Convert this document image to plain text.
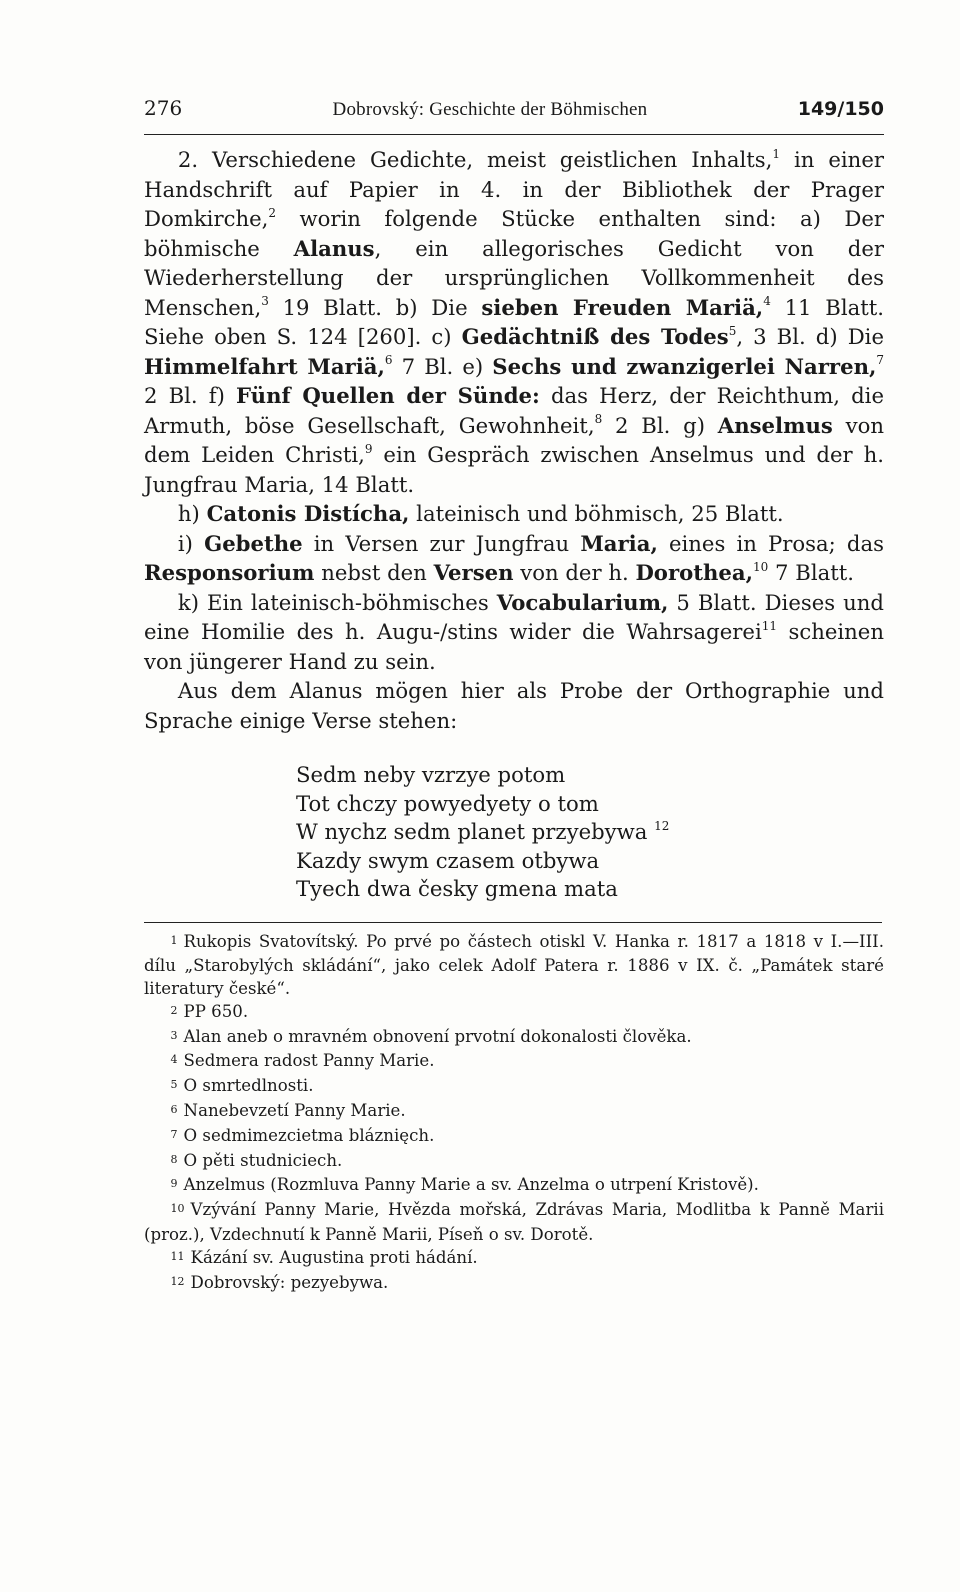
276	Dobrovský: Geschichte der Böhmischen	149/150

2. Verschiedene Gedichte, meist geistlichen Inhalts,$^1$ in einer Handschrift auf Papier in 4. in der Bibliothek der Prager Domkirche,$^2$ worin folgende Stücke enthalten sind: a) Der böhmische Alanus, ein allegorisches Gedicht von der Wiederherstellung der ursprünglichen Vollkommenheit des Menschen,$^3$ 19 Blatt. b) Die sieben Freuden Mariä,$^4$ 11 Blatt. Siehe oben S. 124 [260]. c) Gedächtniß des Todes$^5$, 3 Bl. d) Die Himmelfahrt Mariä,$^6$ 7 Bl. e) Sechs und zwanzigerlei Narren,$^7$ 2 Bl. f) Fünf Quellen der Sünde: das Herz, der Reichthum, die Armuth, böse Gesellschaft, Gewohnheit,$^8$ 2 Bl. g) Anselmus von dem Leiden Christi,$^9$ ein Gespräch zwischen Anselmus und der h. Jungfrau Maria, 14 Blatt.

h) Catonis Distícha, lateinisch und böhmisch, 25 Blatt.

i) Gebethe in Versen zur Jungfrau Maria, eines in Prosa; das Responsorium nebst den Versen von der h. Dorothea,$^{10}$ 7 Blatt.

k) Ein lateinisch-böhmisches Vocabularium, 5 Blatt. Dieses und eine Homilie des h. Augu-/stins wider die Wahrsagerei$^{11}$ scheinen von jüngerer Hand zu sein.

Aus dem Alanus mögen hier als Probe der Orthographie und Sprache einige Verse stehen:

Sedm neby vzrzye potom
Tot chczy powyedyety o tom
W nychz sedm planet przyebywa $^{12}$
Kazdy swym czasem otbywa
Tyech dwa česky gmena mata

1 Rukopis Svatovítský. Po prvé po částech otiskl V. Hanka r. 1817 a 1818 v I.—III. dílu „Starobylých skládání“, jako celek Adolf Patera r. 1886 v IX. č. „Památek staré literatury české“.

2 PP 650.

3 Alan aneb o mravném obnovení prvotní dokonalosti člověka.

4 Sedmera radost Panny Marie.

5 O smrtedlnosti.

6 Nanebevzetí Panny Marie.

7 O sedmimezcietma bláznięch.

8 O pěti studniciech.

9 Anzelmus (Rozmluva Panny Marie a sv. Anzelma o utrpení Kristově).

10 Vzývání Panny Marie, Hvězda mořská, Zdrávas Maria, Modlitba k Panně Marii (proz.), Vzdechnutí k Panně Marii, Píseň o sv. Dorotě.

11 Kázání sv. Augustina proti hádání.

12 Dobrovský: pezyebywa.
